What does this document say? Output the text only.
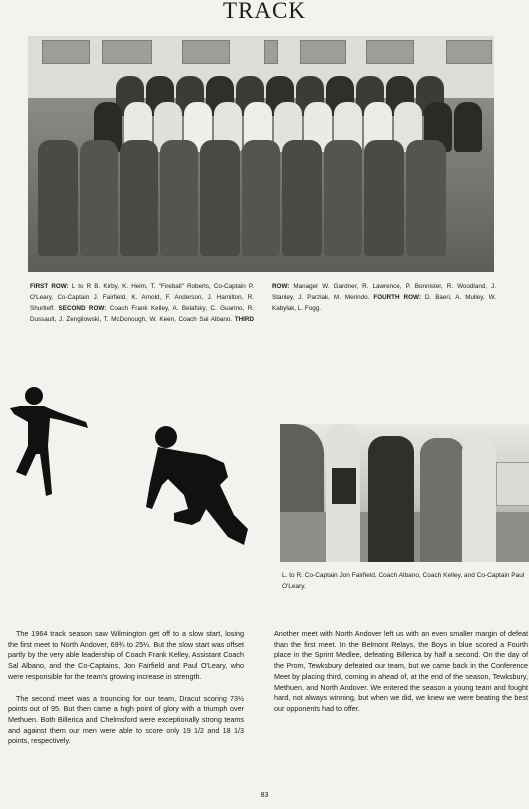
TRACK
FIRST ROW: L to R B. Kirby, K. Heim, T. "Fireball" Roberts, Co-Captain P. O'Leary, Co-Captain J. Fairfield, K. Arnold, F. Anderson, J. Hamilton, R. Shurtleff. SECOND ROW: Coach Frank Kelley, A. Belafsky, C. Guarino, R. Dussault, J. Zengilowski, T. McDonough, W. Keen, Coach Sal Albano. THIRD ROW: Manager W. Gardner, R. Lawrence, P. Bonnister, R. Woodland, J. Stanley, J. Parziak, M. Merindo. FOURTH ROW: D. Baeri, A. Mulley, W. Kabylak, L. Fogg.
L. to R. Co-Captain Jon Fairfield, Coach Albano, Coach Kelley, and Co-Captain Paul O'Leary.
The 1964 track season saw Wilmington get off to a slow start, losing the first meet to North Andover, 69¾ to 25¼. But the slow start was offset partly by the very able leadership of Coach Frank Kelley, Assistant Coach Sal Albano, and the Co-Captains, Jon Fairfield and Paul O'Leary, who were responsible for the team's growing increase in strength.
The second meet was a trouncing for our team, Dracut scoring 73½ points out of 95. But then came a high point of glory with a triumph over Methuen. Both Billerica and Chelmsford were exceptionally strong teams and against them our men were able to score only 19 1/2 and 18 1/3 points, respectively.
Another meet with North Andover left us with an even smaller margin of defeat than the first meet. In the Belmont Relays, the Boys in blue scored a Fourth place in the Sprint Medlee, defeating Billerica by half a second. On the day of the Prom, Tewksbury defeated our team, but we came back in the Conference Meet by placing third, coming in ahead of, at the end of the season, Tewksbury, Methuen, and North Andover. We entered the season a young team and fought hard, not always winning, but when we did, we knew we were beating the best our opponents had to offer.
83
